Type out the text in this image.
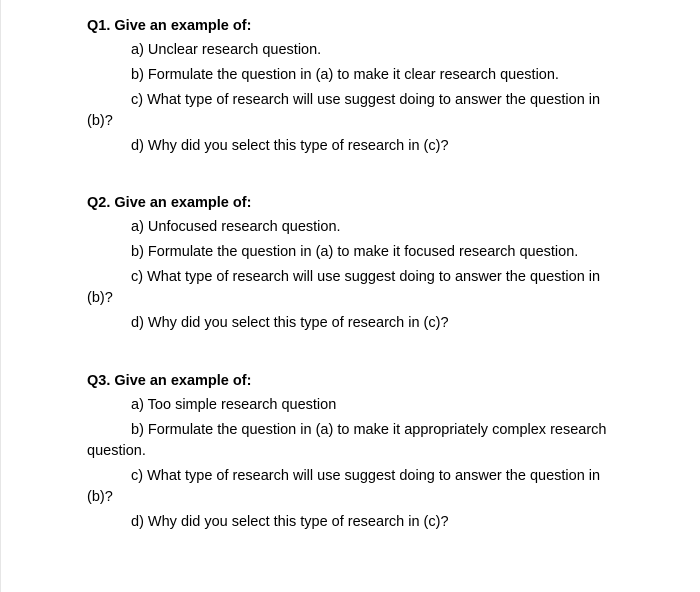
Q1. Give an example of:
a) Unclear research question.
b) Formulate the question in (a) to make it clear research question.
c) What type of research will use suggest doing to answer the question in (b)?
d) Why did you select this type of research in (c)?
Q2. Give an example of:
a) Unfocused research question.
b) Formulate the question in (a) to make it focused research question.
c) What type of research will use suggest doing to answer the question in (b)?
d) Why did you select this type of research in (c)?
Q3. Give an example of:
a) Too simple research question
b) Formulate the question in (a) to make it appropriately complex research question.
c) What type of research will use suggest doing to answer the question in (b)?
d) Why did you select this type of research in (c)?
